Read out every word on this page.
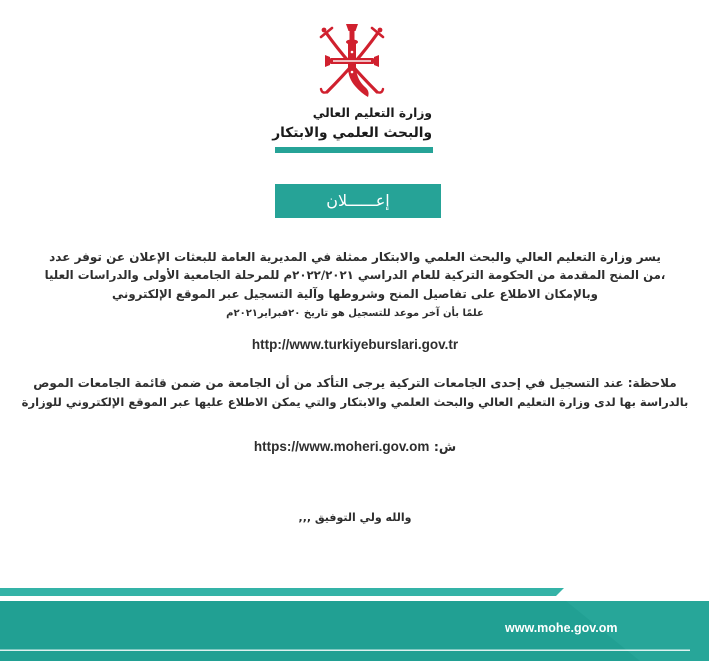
وزارة التعليم العالي
والبحث العلمي والابتكار
إعــــــلان
يسر وزارة التعليم العالي والبحث العلمي والابتكار ممثلة في المديرية العامة للبعثات الإعلان عن توفر عدد
،من المنح المقدمة من الحكومة التركية للعام الدراسي ٢٠٢٢/٢٠٢١م للمرحلة الجامعية الأولى والدراسات العليا
وبالإمكان الاطلاع على تفاصيل المنح وشروطها وآلية التسجيل عبر الموقع الإلكتروني
علمًا بأن آخر موعد للتسجيل هو تاريخ ٢٠فبراير٢٠٢١م
http://www.turkiyeburslari.gov.tr
ملاحظة: عند التسجيل في إحدى الجامعات التركية يرجى التأكد من أن الجامعة من ضمن قائمة الجامعات الموص
بالدراسة بها لدى وزارة التعليم العالي والبحث العلمي والابتكار والتي يمكن الاطلاع عليها عبر الموقع الإلكتروني للوزارة
ش: https://www.moheri.gov.om
والله ولي التوفيق ,,,
www.mohe.gov.om
